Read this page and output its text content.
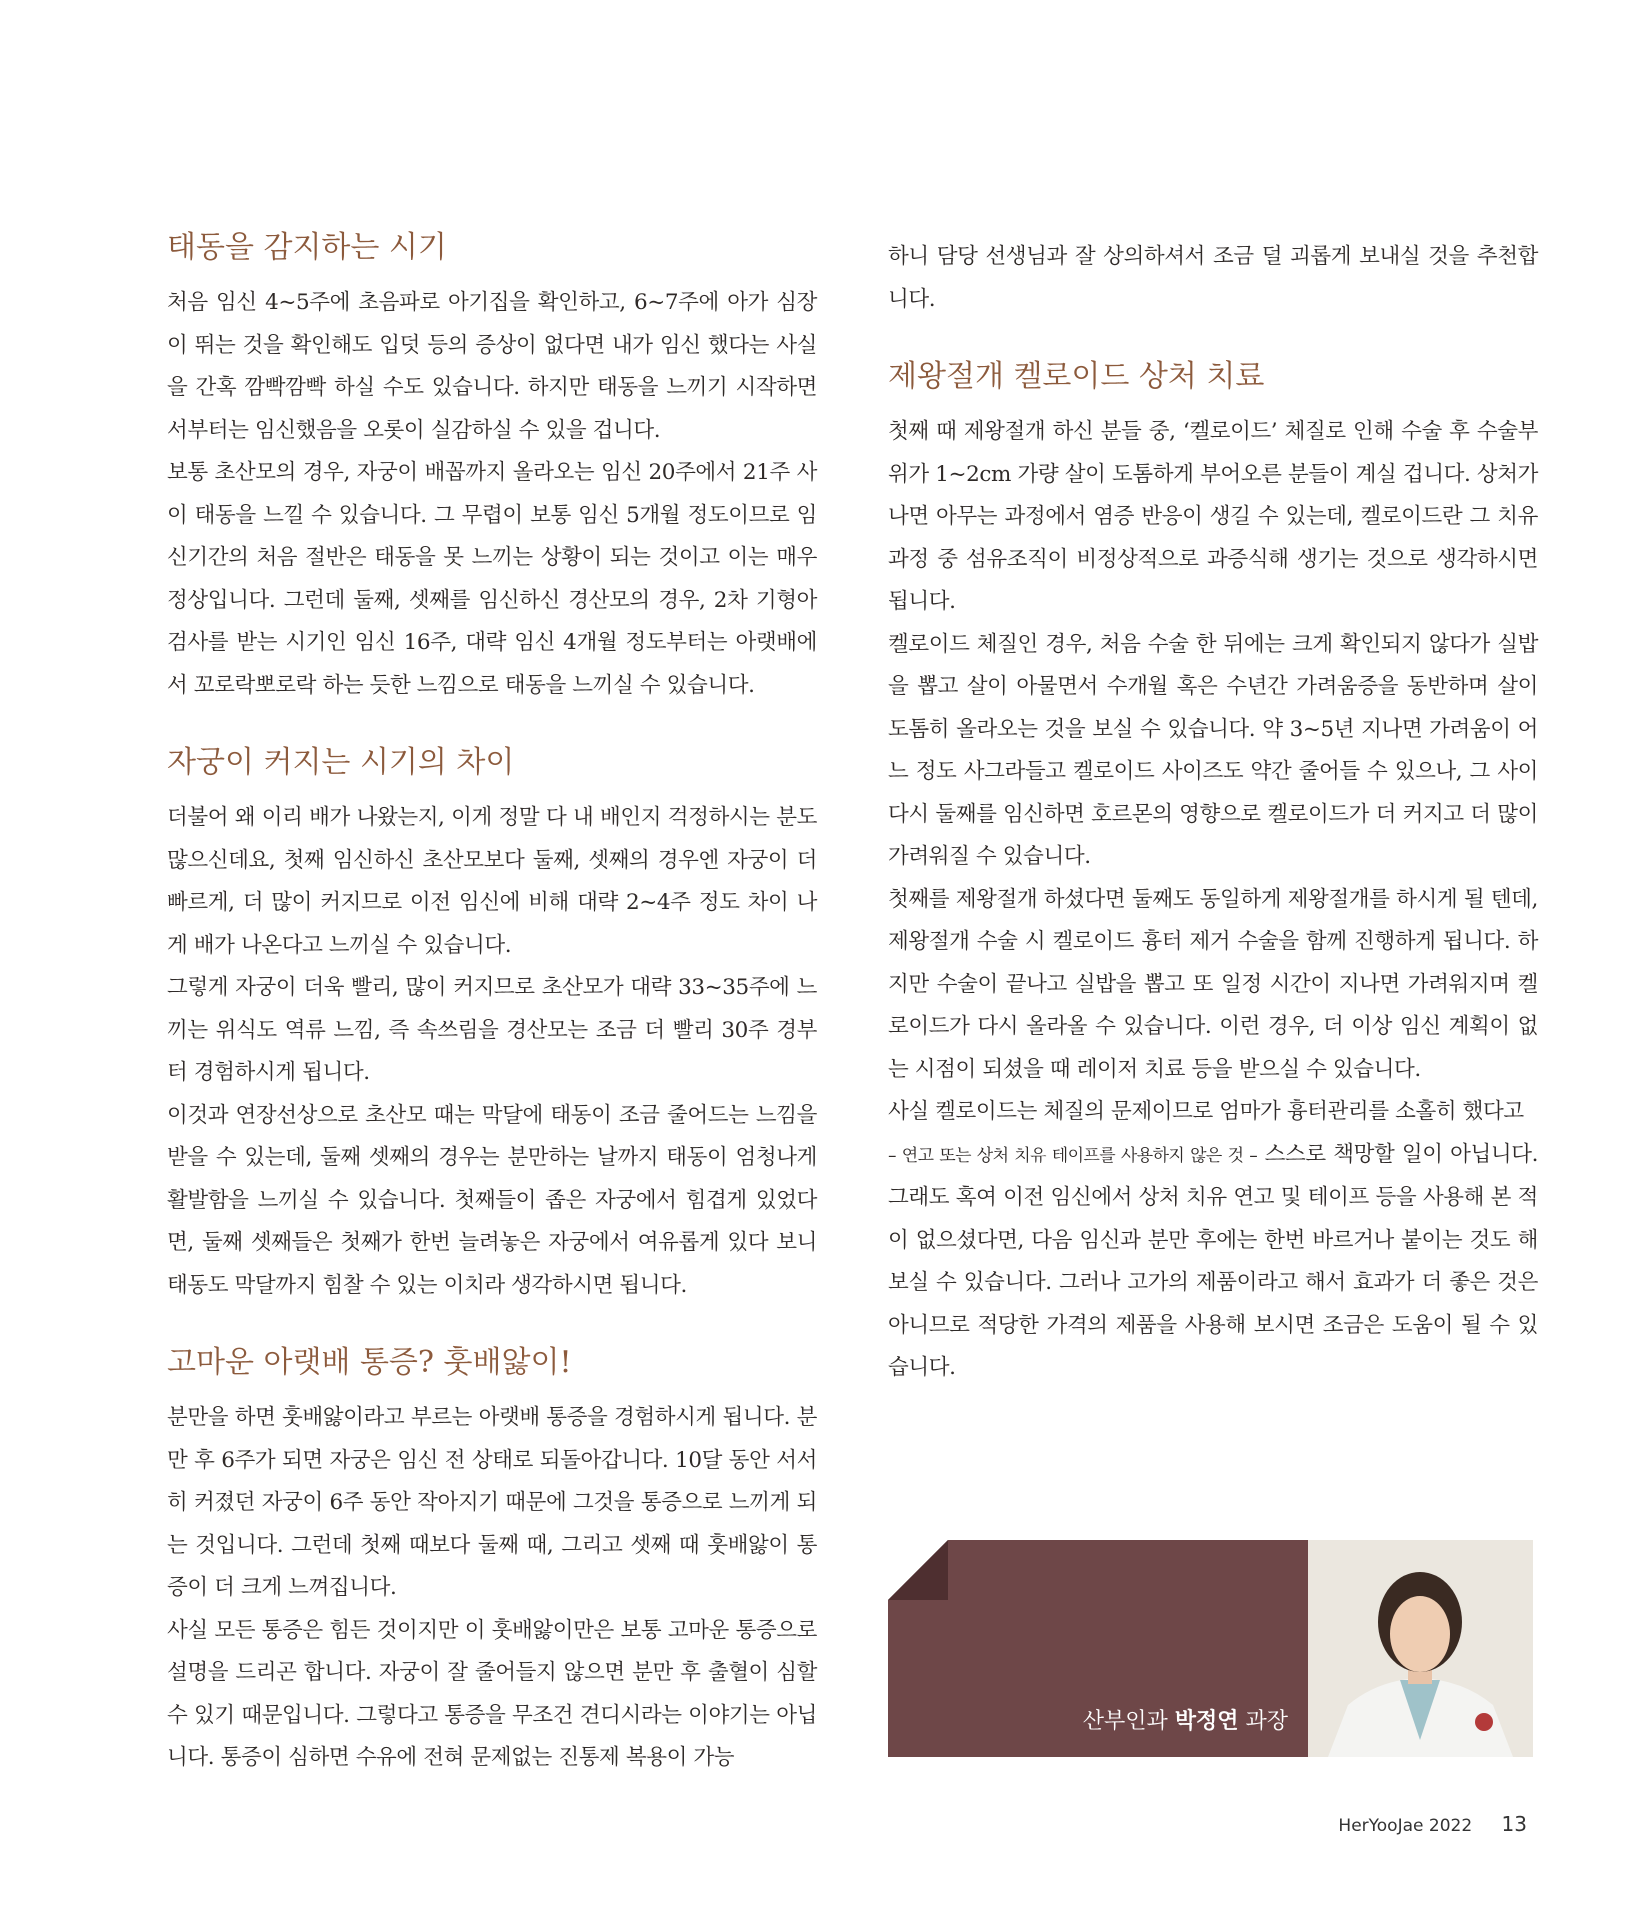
태동을 감지하는 시기

처음 임신 4~5주에 초음파로 아기집을 확인하고, 6~7주에 아가 심장이 뛰는 것을 확인해도 입덧 등의 증상이 없다면 내가 임신 했다는 사실을 간혹 깜빡깜빡 하실 수도 있습니다. 하지만 태동을 느끼기 시작하면 서부터는 임신했음을 오롯이 실감하실 수 있을 겁니다.

보통 초산모의 경우, 자궁이 배꼽까지 올라오는 임신 20주에서 21주 사이 태동을 느낄 수 있습니다. 그 무렵이 보통 임신 5개월 정도이므로 임신기간의 처음 절반은 태동을 못 느끼는 상황이 되는 것이고 이는 매우 정상입니다. 그런데 둘째, 셋째를 임신하신 경산모의 경우, 2차 기형아 검사를 받는 시기인 임신 16주, 대략 임신 4개월 정도부터는 아랫배에서 꼬로락뽀로락 하는 듯한 느낌으로 태동을 느끼실 수 있습니다.

자궁이 커지는 시기의 차이

더불어 왜 이리 배가 나왔는지, 이게 정말 다 내 배인지 걱정하시는 분도 많으신데요, 첫째 임신하신 초산모보다 둘째, 셋째의 경우엔 자궁이 더 빠르게, 더 많이 커지므로 이전 임신에 비해 대략 2~4주 정도 차이 나게 배가 나온다고 느끼실 수 있습니다.

그렇게 자궁이 더욱 빨리, 많이 커지므로 초산모가 대략 33~35주에 느끼는 위식도 역류 느낌, 즉 속쓰림을 경산모는 조금 더 빨리 30주 경부터 경험하시게 됩니다.

이것과 연장선상으로 초산모 때는 막달에 태동이 조금 줄어드는 느낌을 받을 수 있는데, 둘째 셋째의 경우는 분만하는 날까지 태동이 엄청나게 활발함을 느끼실 수 있습니다. 첫째들이 좁은 자궁에서 힘겹게 있었다면, 둘째 셋째들은 첫째가 한번 늘려놓은 자궁에서 여유롭게 있다 보니 태동도 막달까지 힘찰 수 있는 이치라 생각하시면 됩니다.

고마운 아랫배 통증? 훗배앓이!

분만을 하면 훗배앓이라고 부르는 아랫배 통증을 경험하시게 됩니다. 분만 후 6주가 되면 자궁은 임신 전 상태로 되돌아갑니다. 10달 동안 서서히 커졌던 자궁이 6주 동안 작아지기 때문에 그것을 통증으로 느끼게 되는 것입니다. 그런데 첫째 때보다 둘째 때, 그리고 셋째 때 훗배앓이 통증이 더 크게 느껴집니다.

사실 모든 통증은 힘든 것이지만 이 훗배앓이만은 보통 고마운 통증으로 설명을 드리곤 합니다. 자궁이 잘 줄어들지 않으면 분만 후 출혈이 심할 수 있기 때문입니다. 그렇다고 통증을 무조건 견디시라는 이야기는 아닙니다. 통증이 심하면 수유에 전혀 문제없는 진통제 복용이 가능

하니 담당 선생님과 잘 상의하셔서 조금 덜 괴롭게 보내실 것을 추천합니다.

제왕절개 켈로이드 상처 치료

첫째 때 제왕절개 하신 분들 중, ‘켈로이드’ 체질로 인해 수술 후 수술부위가 1~2cm 가량 살이 도톰하게 부어오른 분들이 계실 겁니다. 상처가 나면 아무는 과정에서 염증 반응이 생길 수 있는데, 켈로이드란 그 치유 과정 중 섬유조직이 비정상적으로 과증식해 생기는 것으로 생각하시면 됩니다.

켈로이드 체질인 경우, 처음 수술 한 뒤에는 크게 확인되지 않다가 실밥을 뽑고 살이 아물면서 수개월 혹은 수년간 가려움증을 동반하며 살이 도톰히 올라오는 것을 보실 수 있습니다. 약 3~5년 지나면 가려움이 어느 정도 사그라들고 켈로이드 사이즈도 약간 줄어들 수 있으나, 그 사이 다시 둘째를 임신하면 호르몬의 영향으로 켈로이드가 더 커지고 더 많이 가려워질 수 있습니다.

첫째를 제왕절개 하셨다면 둘째도 동일하게 제왕절개를 하시게 될 텐데, 제왕절개 수술 시 켈로이드 흉터 제거 수술을 함께 진행하게 됩니다. 하지만 수술이 끝나고 실밥을 뽑고 또 일정 시간이 지나면 가려워지며 켈로이드가 다시 올라올 수 있습니다. 이런 경우, 더 이상 임신 계획이 없는 시점이 되셨을 때 레이저 치료 등을 받으실 수 있습니다.

사실 켈로이드는 체질의 문제이므로 엄마가 흉터관리를 소홀히 했다고
– 연고 또는 상처 치유 테이프를 사용하지 않은 것 – 스스로 책망할 일이 아닙니다. 그래도 혹여 이전 임신에서 상처 치유 연고 및 테이프 등을 사용해 본 적이 없으셨다면, 다음 임신과 분만 후에는 한번 바르거나 붙이는 것도 해보실 수 있습니다. 그러나 고가의 제품이라고 해서 효과가 더 좋은 것은 아니므로 적당한 가격의 제품을 사용해 보시면 조금은 도움이 될 수 있습니다.

산부인과 박정연 과장
HerYooJae 2022 13
